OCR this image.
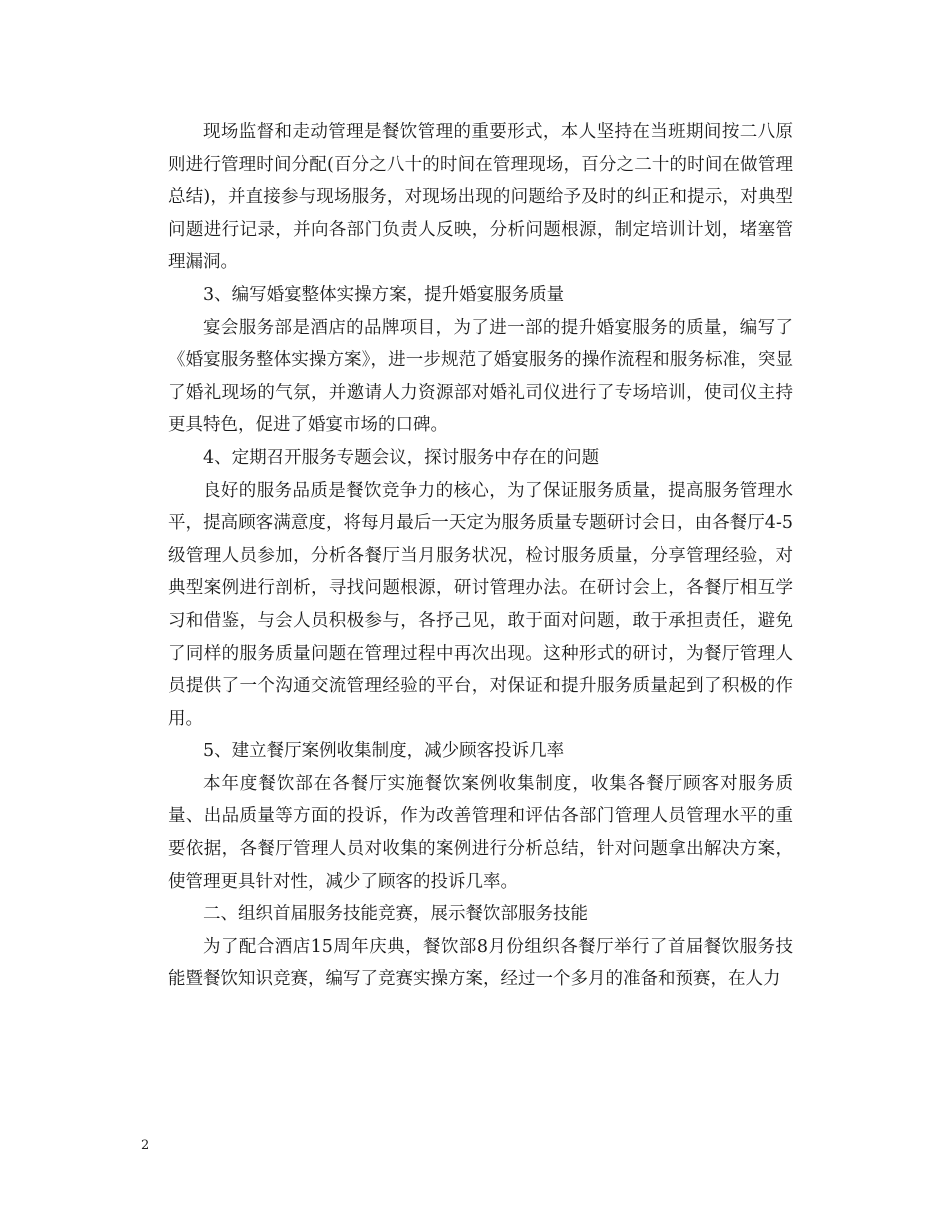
现场监督和走动管理是餐饮管理的重要形式，本人坚持在当班期间按二八原则进行管理时间分配(百分之八十的时间在管理现场，百分之二十的时间在做管理总结)，并直接参与现场服务，对现场出现的问题给予及时的纠正和提示，对典型问题进行记录，并向各部门负责人反映，分析问题根源，制定培训计划，堵塞管理漏洞。

3、编写婚宴整体实操方案，提升婚宴服务质量

宴会服务部是酒店的品牌项目，为了进一部的提升婚宴服务的质量，编写了《婚宴服务整体实操方案》，进一步规范了婚宴服务的操作流程和服务标准，突显了婚礼现场的气氛，并邀请人力资源部对婚礼司仪进行了专场培训，使司仪主持更具特色，促进了婚宴市场的口碑。

4、定期召开服务专题会议，探讨服务中存在的问题

良好的服务品质是餐饮竞争力的核心，为了保证服务质量，提高服务管理水平，提高顾客满意度，将每月最后一天定为服务质量专题研讨会日，由各餐厅4-5级管理人员参加，分析各餐厅当月服务状况，检讨服务质量，分享管理经验，对典型案例进行剖析，寻找问题根源，研讨管理办法。在研讨会上，各餐厅相互学习和借鉴，与会人员积极参与，各抒己见，敢于面对问题，敢于承担责任，避免了同样的服务质量问题在管理过程中再次出现。这种形式的研讨，为餐厅管理人员提供了一个沟通交流管理经验的平台，对保证和提升服务质量起到了积极的作用。

5、建立餐厅案例收集制度，减少顾客投诉几率

本年度餐饮部在各餐厅实施餐饮案例收集制度，收集各餐厅顾客对服务质量、出品质量等方面的投诉，作为改善管理和评估各部门管理人员管理水平的重要依据，各餐厅管理人员对收集的案例进行分析总结，针对问题拿出解决方案，使管理更具针对性，减少了顾客的投诉几率。

二、组织首届服务技能竞赛，展示餐饮部服务技能

为了配合酒店15周年庆典，餐饮部8月份组织各餐厅举行了首届餐饮服务技能暨餐饮知识竞赛，编写了竞赛实操方案，经过一个多月的准备和预赛，在人力

2
